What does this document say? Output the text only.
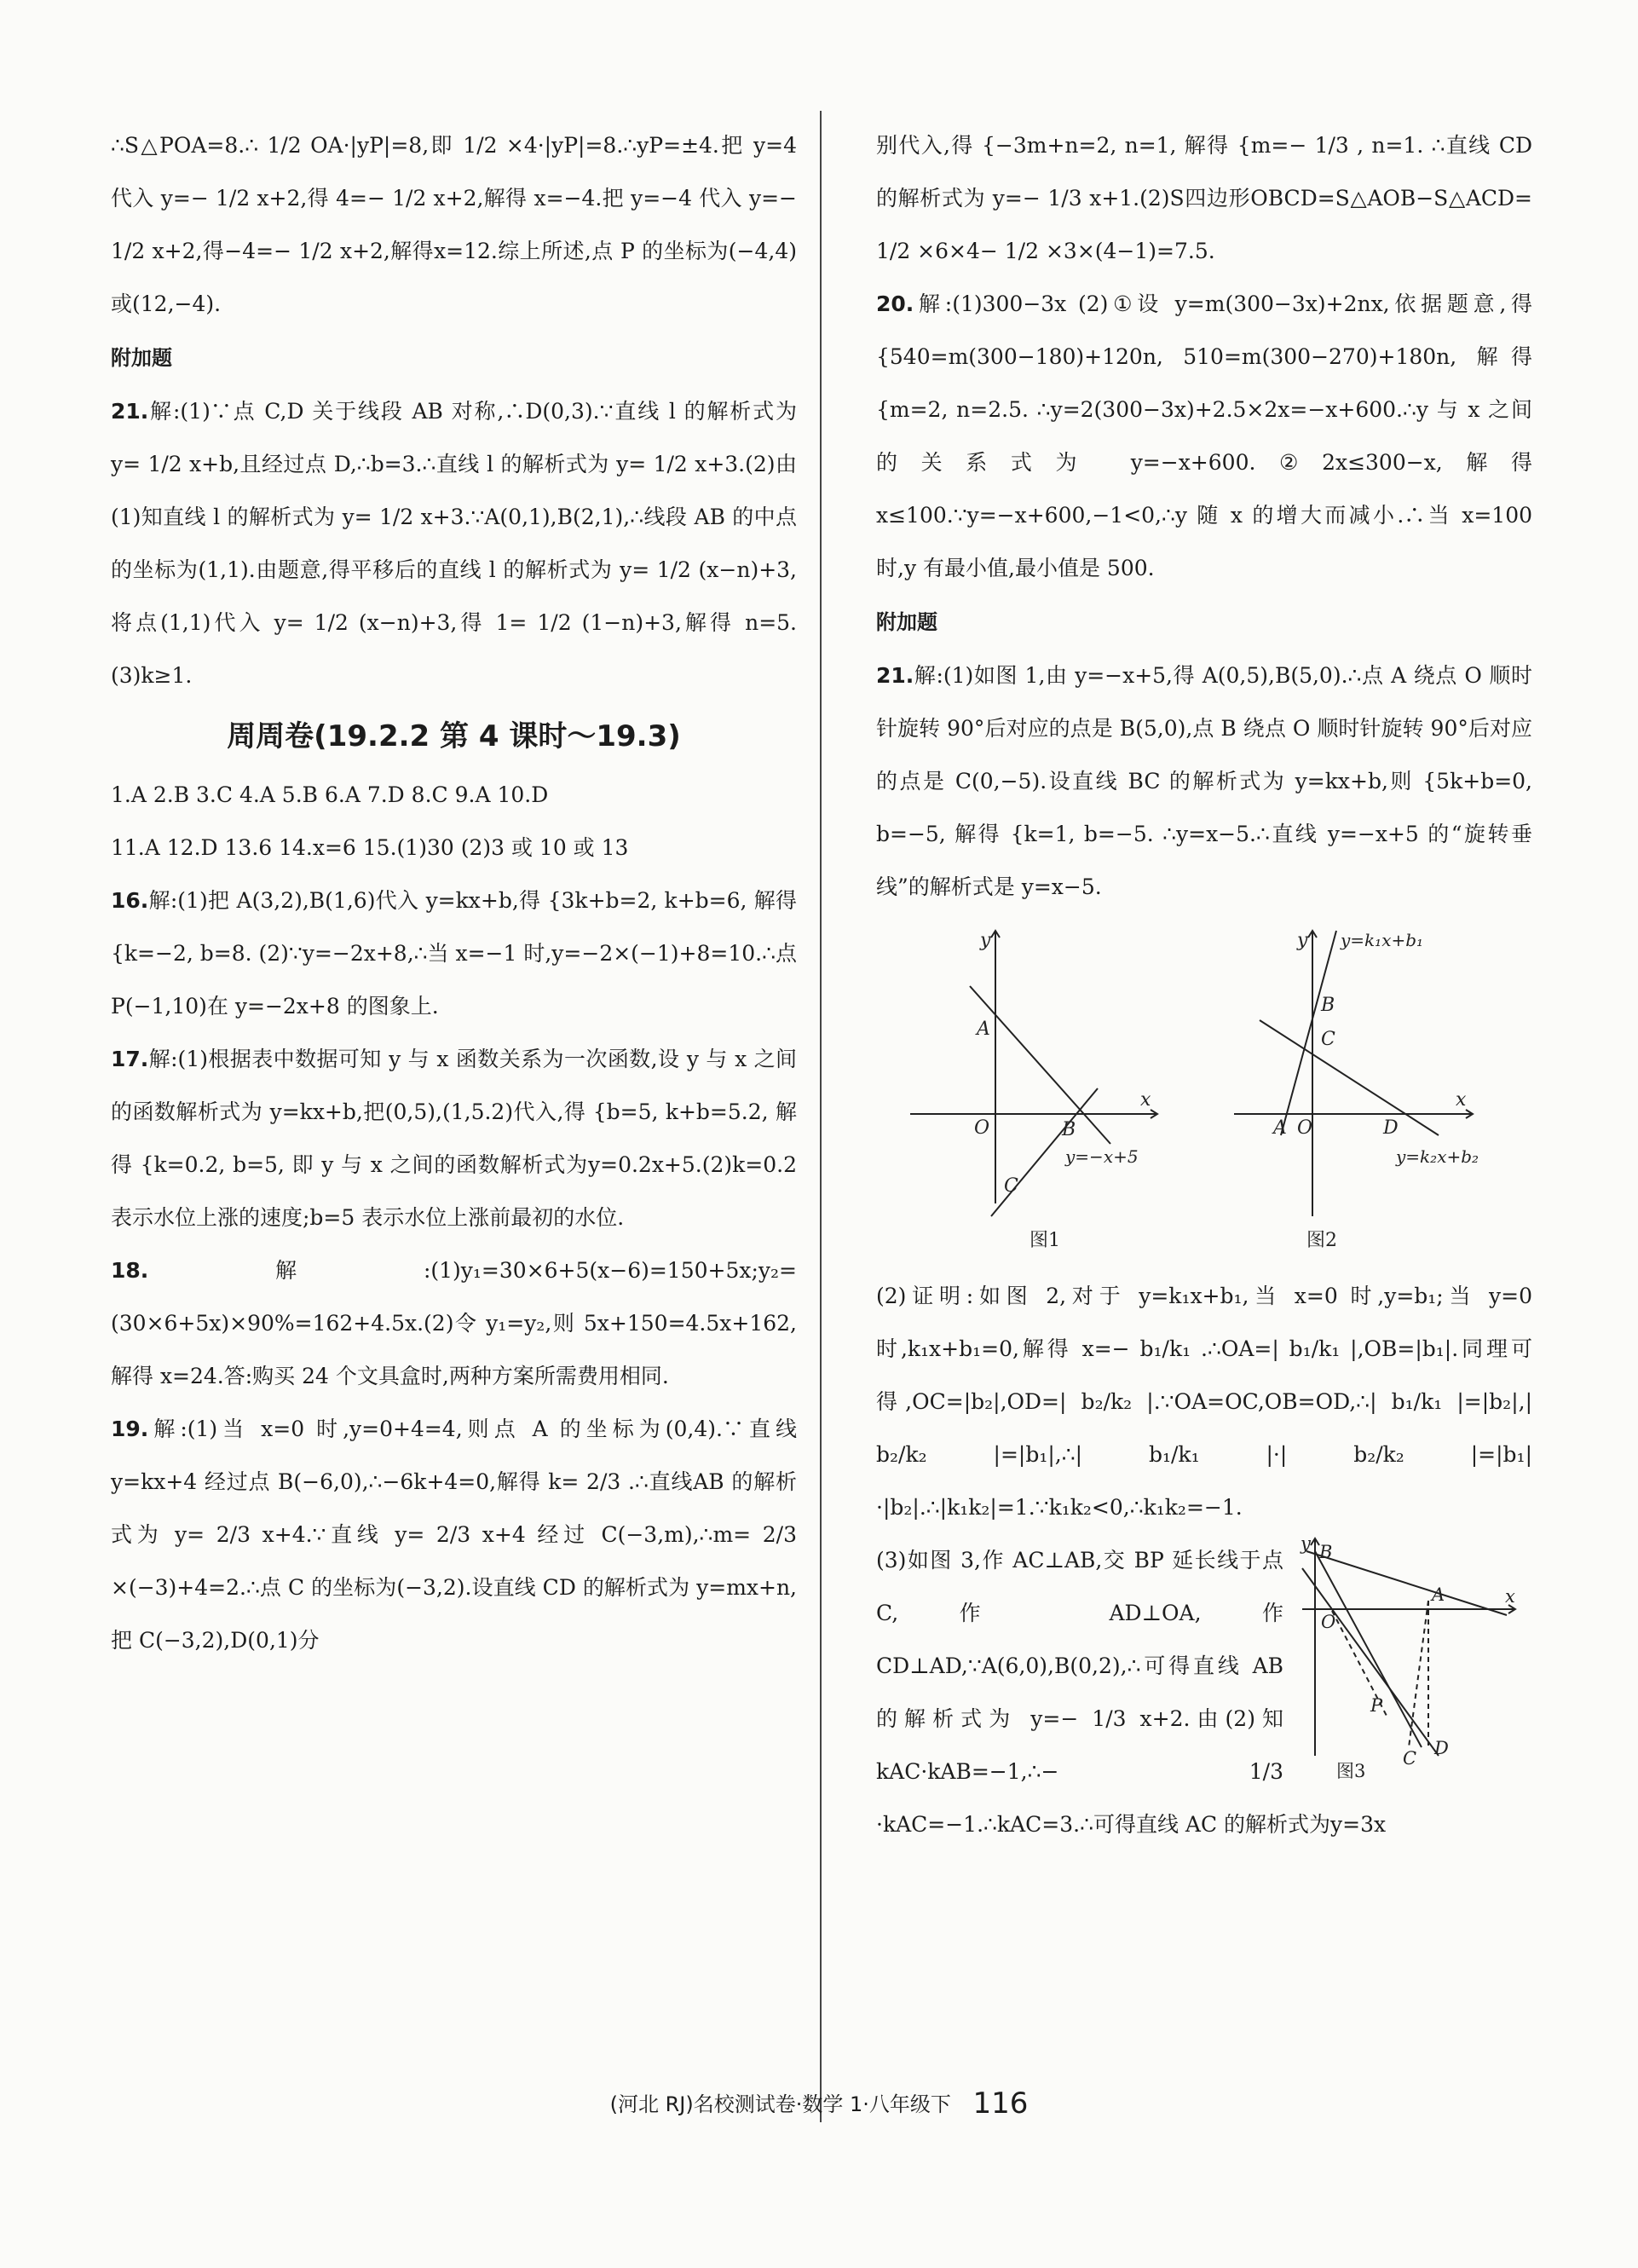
∴S△POA=8.∴ 1/2 OA·|yP|=8,即 1/2 ×4·|yP|=8.∴yP=±4.把 y=4 代入 y=− 1/2 x+2,得 4=− 1/2 x+2,解得 x=−4.把 y=−4 代入 y=− 1/2 x+2,得−4=− 1/2 x+2,解得x=12.综上所述,点 P 的坐标为(−4,4)或(12,−4).

附加题

21.解:(1)∵点 C,D 关于线段 AB 对称,∴D(0,3).∵直线 l 的解析式为 y= 1/2 x+b,且经过点 D,∴b=3.∴直线 l 的解析式为 y= 1/2 x+3.(2)由(1)知直线 l 的解析式为 y= 1/2 x+3.∵A(0,1),B(2,1),∴线段 AB 的中点的坐标为(1,1).由题意,得平移后的直线 l 的解析式为 y= 1/2 (x−n)+3,将点(1,1)代入 y= 1/2 (x−n)+3,得 1= 1/2 (1−n)+3,解得 n=5.(3)k≥1.

周周卷(19.2.2 第 4 课时～19.3)

1.A 2.B 3.C 4.A 5.B 6.A 7.D 8.C 9.A 10.D

11.A 12.D 13.6 14.x=6 15.(1)30 (2)3 或 10 或 13

16.解:(1)把 A(3,2),B(1,6)代入 y=kx+b,得 {3k+b=2, k+b=6, 解得 {k=−2, b=8. (2)∵y=−2x+8,∴当 x=−1 时,y=−2×(−1)+8=10.∴点 P(−1,10)在 y=−2x+8 的图象上.

17.解:(1)根据表中数据可知 y 与 x 函数关系为一次函数,设 y 与 x 之间的函数解析式为 y=kx+b,把(0,5),(1,5.2)代入,得 {b=5, k+b=5.2, 解得 {k=0.2, b=5, 即 y 与 x 之间的函数解析式为y=0.2x+5.(2)k=0.2 表示水位上涨的速度;b=5 表示水位上涨前最初的水位.

18.解:(1)y₁=30×6+5(x−6)=150+5x;y₂=(30×6+5x)×90%=162+4.5x.(2)令 y₁=y₂,则 5x+150=4.5x+162,解得 x=24.答:购买 24 个文具盒时,两种方案所需费用相同.

19.解:(1)当 x=0 时,y=0+4=4,则点 A 的坐标为(0,4).∵直线 y=kx+4 经过点 B(−6,0),∴−6k+4=0,解得 k= 2/3 .∴直线AB 的解析式为 y= 2/3 x+4.∵直线 y= 2/3 x+4 经过 C(−3,m),∴m= 2/3 ×(−3)+4=2.∴点 C 的坐标为(−3,2).设直线 CD 的解析式为 y=mx+n,把 C(−3,2),D(0,1)分

别代入,得 {−3m+n=2, n=1, 解得 {m=− 1/3 , n=1. ∴直线 CD 的解析式为 y=− 1/3 x+1.(2)S四边形OBCD=S△AOB−S△ACD= 1/2 ×6×4− 1/2 ×3×(4−1)=7.5.

20.解:(1)300−3x (2)①设 y=m(300−3x)+2nx,依据题意,得 {540=m(300−180)+120n, 510=m(300−270)+180n, 解得 {m=2, n=2.5. ∴y=2(300−3x)+2.5×2x=−x+600.∴y 与 x 之间的关系式为 y=−x+600.②2x≤300−x,解得 x≤100.∵y=−x+600,−1<0,∴y 随 x 的增大而减小.∴当 x=100 时,y 有最小值,最小值是 500.

附加题

21.解:(1)如图 1,由 y=−x+5,得 A(0,5),B(5,0).∴点 A 绕点 O 顺时针旋转 90°后对应的点是 B(5,0),点 B 绕点 O 顺时针旋转 90°后对应的点是 C(0,−5).设直线 BC 的解析式为 y=kx+b,则 {5k+b=0, b=−5, 解得 {k=1, b=−5. ∴y=x−5.∴直线 y=−x+5 的“旋转垂线”的解析式是 y=x−5.

y
x
O
A
B
C
y=−x+5
图1
y
x
O
A
B
C
D
y=k₁x+b₁
y=k₂x+b₂
图2

(2)证明:如图 2,对于 y=k₁x+b₁,当 x=0 时,y=b₁;当 y=0 时,k₁x+b₁=0,解得 x=− b₁/k₁ .∴OA=| b₁/k₁ |,OB=|b₁|.同理可得,OC=|b₂|,OD=| b₂/k₂ |.∵OA=OC,OB=OD,∴| b₁/k₁ |=|b₂|,| b₂/k₂ |=|b₁|,∴| b₁/k₁ |·| b₂/k₂ |=|b₁|·|b₂|.∴|k₁k₂|=1.∵k₁k₂<0,∴k₁k₂=−1.

y
x
B
O
A
P
C D
图3

(3)如图 3,作 AC⊥AB,交 BP 延长线于点 C,作 AD⊥OA,作 CD⊥AD,∵A(6,0),B(0,2),∴可得直线 AB 的解析式为 y=− 1/3 x+2.由(2)知 kAC·kAB=−1,∴− 1/3 ·kAC=−1.∴kAC=3.∴可得直线 AC 的解析式为y=3x

(河北 RJ)名校测试卷·数学 1·八年级下 116
